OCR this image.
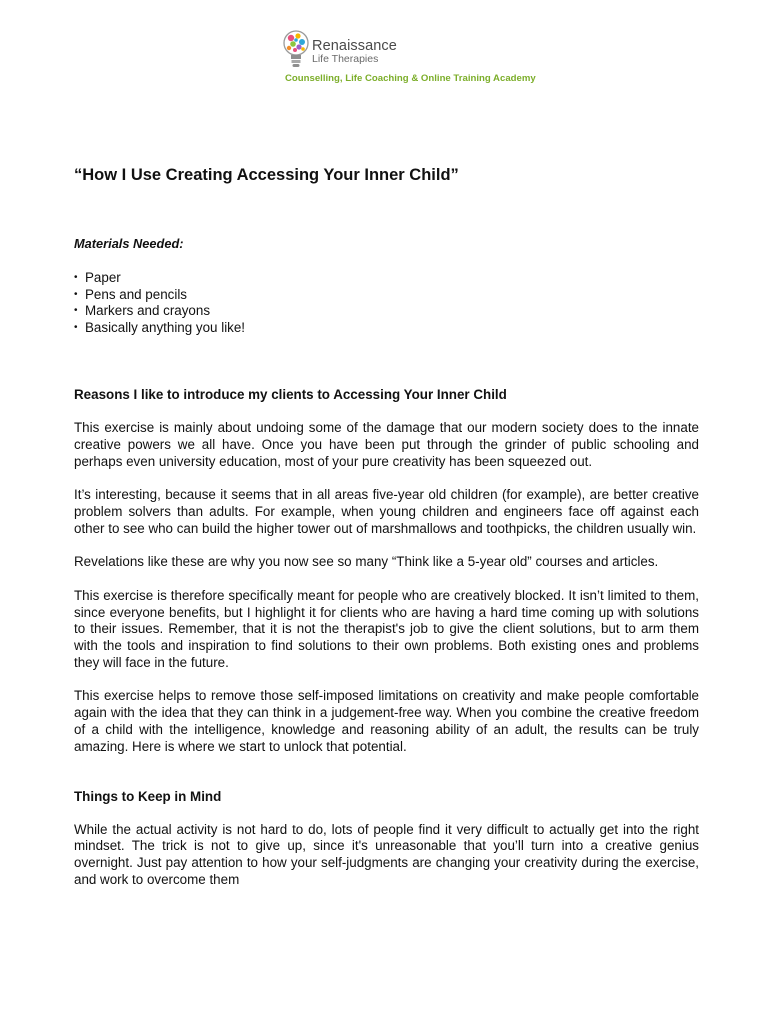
Renaissance
Life Therapies
Counselling, Life Coaching & Online Training Academy
“How I Use Creating Accessing Your Inner Child”
Materials Needed:
• Paper
• Pens and pencils
• Markers and crayons
• Basically anything you like!
Reasons I like to introduce my clients to Accessing Your Inner Child

This exercise is mainly about undoing some of the damage that our modern society does to the innate creative powers we all have. Once you have been put through the grinder of public schooling and perhaps even university education, most of your pure creativity has been squeezed out.

It’s interesting, because it seems that in all areas five-year old children (for example), are better creative problem solvers than adults. For example, when young children and engineers face off against each other to see who can build the higher tower out of marshmallows and toothpicks, the children usually win.

Revelations like these are why you now see so many “Think like a 5-year old” courses and articles.

This exercise is therefore specifically meant for people who are creatively blocked. It isn’t limited to them, since everyone benefits, but I highlight it for clients who are having a hard time coming up with solutions to their issues. Remember, that it is not the therapist's job to give the client solutions, but to arm them with the tools and inspiration to find solutions to their own problems. Both existing ones and problems they will face in the future.

This exercise helps to remove those self-imposed limitations on creativity and make people comfortable again with the idea that they can think in a judgement-free way. When you combine the creative freedom of a child with the intelligence, knowledge and reasoning ability of an adult, the results can be truly amazing. Here is where we start to unlock that potential.

Things to Keep in Mind

While the actual activity is not hard to do, lots of people find it very difficult to actually get into the right mindset. The trick is not to give up, since it's unreasonable that you’ll turn into a creative genius overnight. Just pay attention to how your self-judgments are changing your creativity during the exercise, and work to overcome them
